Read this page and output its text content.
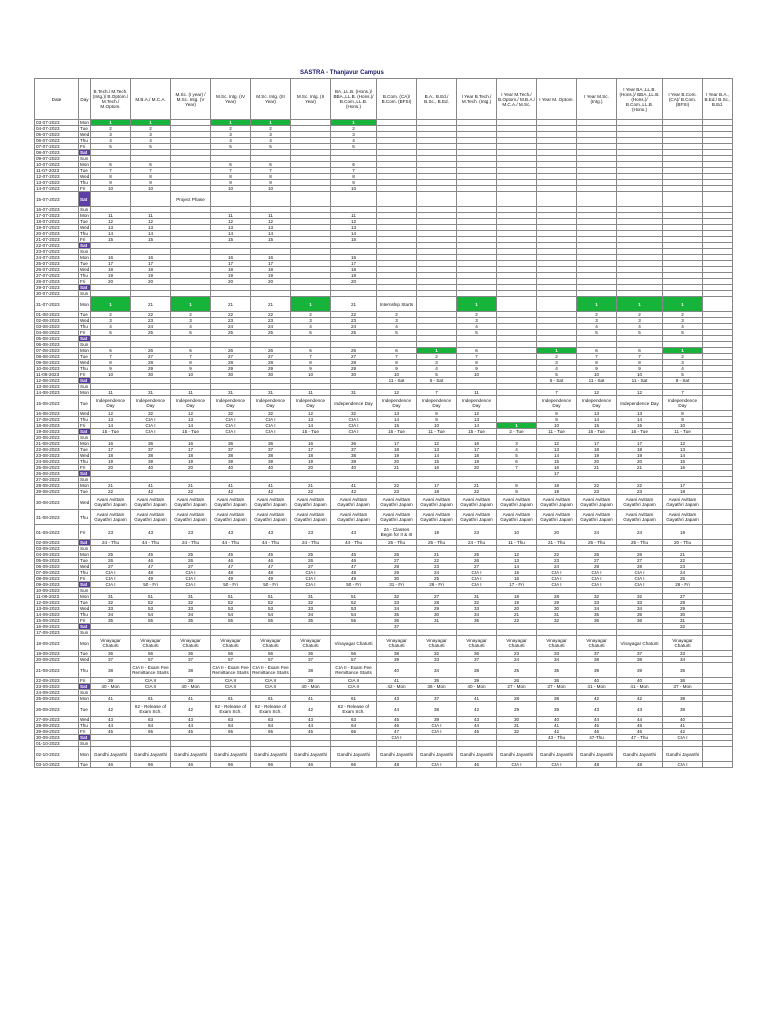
SASTRA - Thanjavur Campus
Date	Day	B.Tech./ M.Tech. (Intg.)/ B.Optom./ M.Tech./ M.Optom.	M.B.A./ M.C.A.	M.Sc. (I year) / M.Sc. Intg. (V Year)	M.Sc. Intg. (IV Year)	M.Sc. Intg. (III Year)	M.Sc. Intg. (II Year)	BA.,LL.B. (Hons.)/ BBA.,LL.B. (Hons.)/ B.Com.,LL.B. (Hons.)	B.Com. (CA)/ B.Com. (BFSI)	B.A., B.Ed./ B.Sc., B.Ed.	I Year B.Tech./ M.Tech. (Intg.)	I Year M.Tech./ B.Optom./ M.B.A./ M.C.A./ M.Sc.	I Year M. Optom.	I Year M.Sc. (Intg.)	I Year BA.,LL.B. (Hons.)/ BBA.,LL.B. (Hons.)/ B.Com.,LL.B. (Hons.)	I Year B.Com.(CA)/ B.Com. (BFSI)	I Year B.A., B.Ed./ B.Sc., B.Ed.
03-07-2023	Mon	1	1		1	1		1									
04-07-2023	Tue	2	2		2	2		2									
05-07-2023	Wed	3	3		3	3		3									
06-07-2023	Thu	4	4		4	4		4									
07-07-2023	Fri	5	5		5	5		5									
08-07-2023	Sat																
09-07-2023	Sun																
10-07-2023	Mon	6	6		6	6		6									
11-07-2023	Tue	7	7		7	7		7									
12-07-2023	Wed	8	8		8	8		8									
13-07-2023	Thu	9	9		9	9		9									
14-07-2023	Fri	10	10		10	10		10									
15-07-2023	Sat			Project Phase													
16-07-2023	Sun																
17-07-2023	Mon	11	11		11	11		11									
18-07-2023	Tue	12	12		12	12		12									
19-07-2023	Wed	13	13		13	13		13									
20-07-2023	Thu	14	14		14	14		14									
21-07-2023	Fri	15	15		15	15		15									
22-07-2023	Sat																
23-07-2023	Sun																
24-07-2023	Mon	16	16		16	16		16									
25-07-2023	Tue	17	17		17	17		17									
26-07-2023	Wed	18	18		18	18		18									
27-07-2023	Thu	19	19		19	19		19									
28-07-2023	Fri	20	20		20	20		20									
29-07-2023	Sat																
30-07-2023	Sun																
31-07-2023	Mon	1	21	1	21	21	1	21	Internship Starts		1			1	1	1	
01-08-2023	Tue	2	22	2	22	22	2	22	2		2			2	2	2	
02-08-2023	Wed	3	23	3	23	23	3	23	3		3			3	3	3	
03-08-2023	Thu	4	24	4	24	24	4	24	4		4			4	4	4	
04-08-2023	Fri	5	25	5	25	25	5	25	5		5			5	5	5	
05-08-2023	Sat																
06-08-2023	Sun																
07-08-2023	Mon	6	26	6	26	26	6	26	6	1	6		1	6	6	1	
08-08-2023	Tue	7	27	7	27	27	7	27	7	2	7		2	7	7	2	
09-08-2023	Wed	8	28	8	28	28	8	28	8	3	8		3	8	8	3	
10-08-2023	Thu	9	29	9	29	29	9	29	9	4	9		4	9	9	4	
11-08-2023	Fri	10	30	10	30	30	10	30	10	5	10		5	10	10	5	
12-08-2023	Sat								11 - Sat	6 - Sat			6 - Sat	11 - Sat	11 - Sat	8 - Sat	
13-08-2023	Sun																
14-08-2023	Mon	11	31	11	31	31	11	31	12	7	11		7	12	12	7	
15-08-2023	Tue	Independence Day	Independence Day	Independence Day	Independence Day	Independence Day	Independence Day	Independence Day	Independence Day	Independence Day	Independence Day		Independence Day	Independence Day	Independence Day	Independence Day	
16-08-2023	Wed	12	32	12	32	32	12	32	13	8	12		8	13	13	8	
17-08-2023	Thu	13	CIA I	13	CIA I	CIA I	13	CIA I	14	9	13		9	14	14	9	
18-08-2023	Fri	14	CIA I	14	CIA I	CIA I	14	CIA I	15	10	14	1	10	15	15	10	
19-08-2023	Sat	15 - Tue	CIA I	15 - Tue	CIA I	CIA I	15 - Tue	CIA I	16 - Tue	11 - Tue	15 - Tue	2 - Tue	11 - Tue	16 - Tue	16 - Tue	11 - Tue	
20-08-2023	Sun																
21-08-2023	Mon	16	36	16	36	36	16	36	17	12	16	3	12	17	17	12	
22-08-2023	Tue	17	37	17	37	37	17	37	18	13	17	4	13	18	18	13	
23-08-2023	Wed	18	38	18	38	38	18	38	19	14	18	5	14	19	19	14	
24-08-2023	Thu	19	39	19	39	39	19	39	20	15	19	6	15	20	20	15	
25-08-2023	Fri	20	40	20	40	40	20	40	21	16	20	7	16	21	21	16	
26-08-2023	Sat												17				
27-08-2023	Sun																
28-08-2023	Mon	21	41	21	41	41	21	41	22	17	21	8	18	22	22	17	
29-08-2023	Tue	22	42	22	42	42	22	42	23	18	22	9	19	23	23	18	
30-08-2023	Wed	Avani Avittam Gayathri Japam	Avani Avittam Gayathri Japam	Avani Avittam Gayathri Japam	Avani Avittam Gayathri Japam	Avani Avittam Gayathri Japam	Avani Avittam Gayathri Japam	Avani Avittam Gayathri Japam	Avani Avittam Gayathri Japam	Avani Avittam Gayathri Japam	Avani Avittam Gayathri Japam	Avani Avittam Gayathri Japam	Avani Avittam Gayathri Japam	Avani Avittam Gayathri Japam	Avani Avittam Gayathri Japam	Avani Avittam Gayathri Japam	
31-08-2023	Thu	Avani Avittam Gayathri Japam	Avani Avittam Gayathri Japam	Avani Avittam Gayathri Japam	Avani Avittam Gayathri Japam	Avani Avittam Gayathri Japam	Avani Avittam Gayathri Japam	Avani Avittam Gayathri Japam	Avani Avittam Gayathri Japam	Avani Avittam Gayathri Japam	Avani Avittam Gayathri Japam	Avani Avittam Gayathri Japam	Avani Avittam Gayathri Japam	Avani Avittam Gayathri Japam	Avani Avittam Gayathri Japam	Avani Avittam Gayathri Japam	
01-09-2023	Fri	23	43	23	43	43	23	43	24 - Classes Begin for II & III	19	23	10	20	24	24	19	
02-09-2023	Sat	24 - Thu	44 - Thu	24 - Thu	44 - Thu	44 - Thu	24 - Thu	44 - Thu	25 - Thu	25 - Thu	24 - Thu	11 - Thu	21 - Thu	25 - Thu	25 - Thu	20 - Thu	
03-09-2023	Sun																
04-09-2023	Mon	25	45	25	45	45	25	45	26	21	25	12	22	26	26	21	
05-09-2023	Tue	26	46	26	46	46	26	46	27	22	26	13	23	27	27	22	
06-09-2023	Wed	27	47	27	47	47	27	47	28	23	27	14	24	28	28	23	
07-09-2023	Thu	CIA I	48	CIA I	48	48	CIA I	48	29	24	CIA I	15	CIA I	CIA I	CIA I	24	
08-09-2023	Fri	CIA I	49	CIA I	49	49	CIA I	49	30	25	CIA I	16	CIA I	CIA I	CIA I	25	
09-09-2023	Sat	CIA I	50 - Fri	CIA I	50 - Fri	50 - Fri	CIA I	50 - Fri	31 - Fri	26 - Fri	CIA I	17 - Fri	CIA I	CIA I	CIA I	26 - Fri	
10-09-2023	Sun																
11-09-2023	Mon	31	51	31	51	51	31	51	32	27	31	18	28	32	32	27	
12-09-2023	Tue	32	52	32	52	52	32	52	33	28	32	19	29	33	33	28	
13-09-2023	Wed	33	53	33	53	53	33	53	34	29	33	20	30	34	34	29	
14-09-2023	Thu	34	54	34	54	54	34	54	35	30	34	21	31	35	35	30	
15-09-2023	Fri	35	55	35	55	55	35	55	36	31	35	22	32	36	36	31	
16-09-2023	Sat								37							32	
17-09-2023	Sun																
18-09-2023	Mon	Vinayagar Chaturti	Vinayagar Chaturti	Vinayagar Chaturti	Vinayagar Chaturti	Vinayagar Chaturti	Vinayagar Chaturti	Vinayagar Chaturti	Vinayagar Chaturti	Vinayagar Chaturti	Vinayagar Chaturti	Vinayagar Chaturti	Vinayagar Chaturti	Vinayagar Chaturti	Vinayagar Chaturti	Vinayagar Chaturti	
19-09-2023	Tue	36	56	36	56	56	36	56	38	32	36	23	33	37	37	33	
20-09-2023	Wed	37	57	37	57	57	37	57	39	33	37	24	34	38	38	34	
21-09-2023	Thu	38	CIA II - Exam Fee Remittance Starts	38	CIA II - Exam Fee Remittance Starts	CIA II - Exam Fee Remittance Starts	38	CIA II - Exam Fee Remittance Starts	40	34	38	25	35	39	39	35	
22-09-2023	Fri	39	CIA II	39	CIA II	CIA II	39	CIA II	41	35	39	26	36	40	40	36	
23-09-2023	Sat	40 - Mon	CIA II	40 - Mon	CIA II	CIA II	40 - Mon	CIA II	42 - Mon	36 - Mon	40 - Mon	27 - Mon	37 - Mon	41 - Mon	41 - Mon	37 - Mon	
24-09-2023	Sun																
25-09-2023	Mon	41	61	41	61	61	41	61	43	37	41	28	38	42	42	38	
26-09-2023	Tue	42	62 - Release of Exam Sch.	42	62 - Release of Exam Sch.	62 - Release of Exam Sch.	42	62 - Release of Exam Sch.	44	38	42	29	39	43	43	39	
27-09-2023	Wed	43	63	43	63	63	43	63	45	39	43	30	40	44	44	40	
28-09-2023	Thu	44	64	44	64	64	44	64	46	CIA I	44	31	41	45	45	41	
29-09-2023	Fri	45	65	45	65	65	45	65	47	CIA I	45	32	42	46	46	42	
30-09-2023	Sat								CIA I				43 - Thu	47-Thu	47 - Thu	CIA I	
01-10-2023	Sun																
02-10-2023	Mon	Gandhi Jayanthi	Gandhi Jayanthi	Gandhi Jayanthi	Gandhi Jayanthi	Gandhi Jayanthi	Gandhi Jayanthi	Gandhi Jayanthi	Gandhi Jayanthi	Gandhi Jayanthi	Gandhi Jayanthi	Gandhi Jayanthi	Gandhi Jayanthi	Gandhi Jayanthi	Gandhi Jayanthi	Gandhi Jayanthi	
03-10-2023	Tue	46	66	46	66	66	46	66	48	CIA I	46	CIA I	CIA I	48	48	CIA I	
